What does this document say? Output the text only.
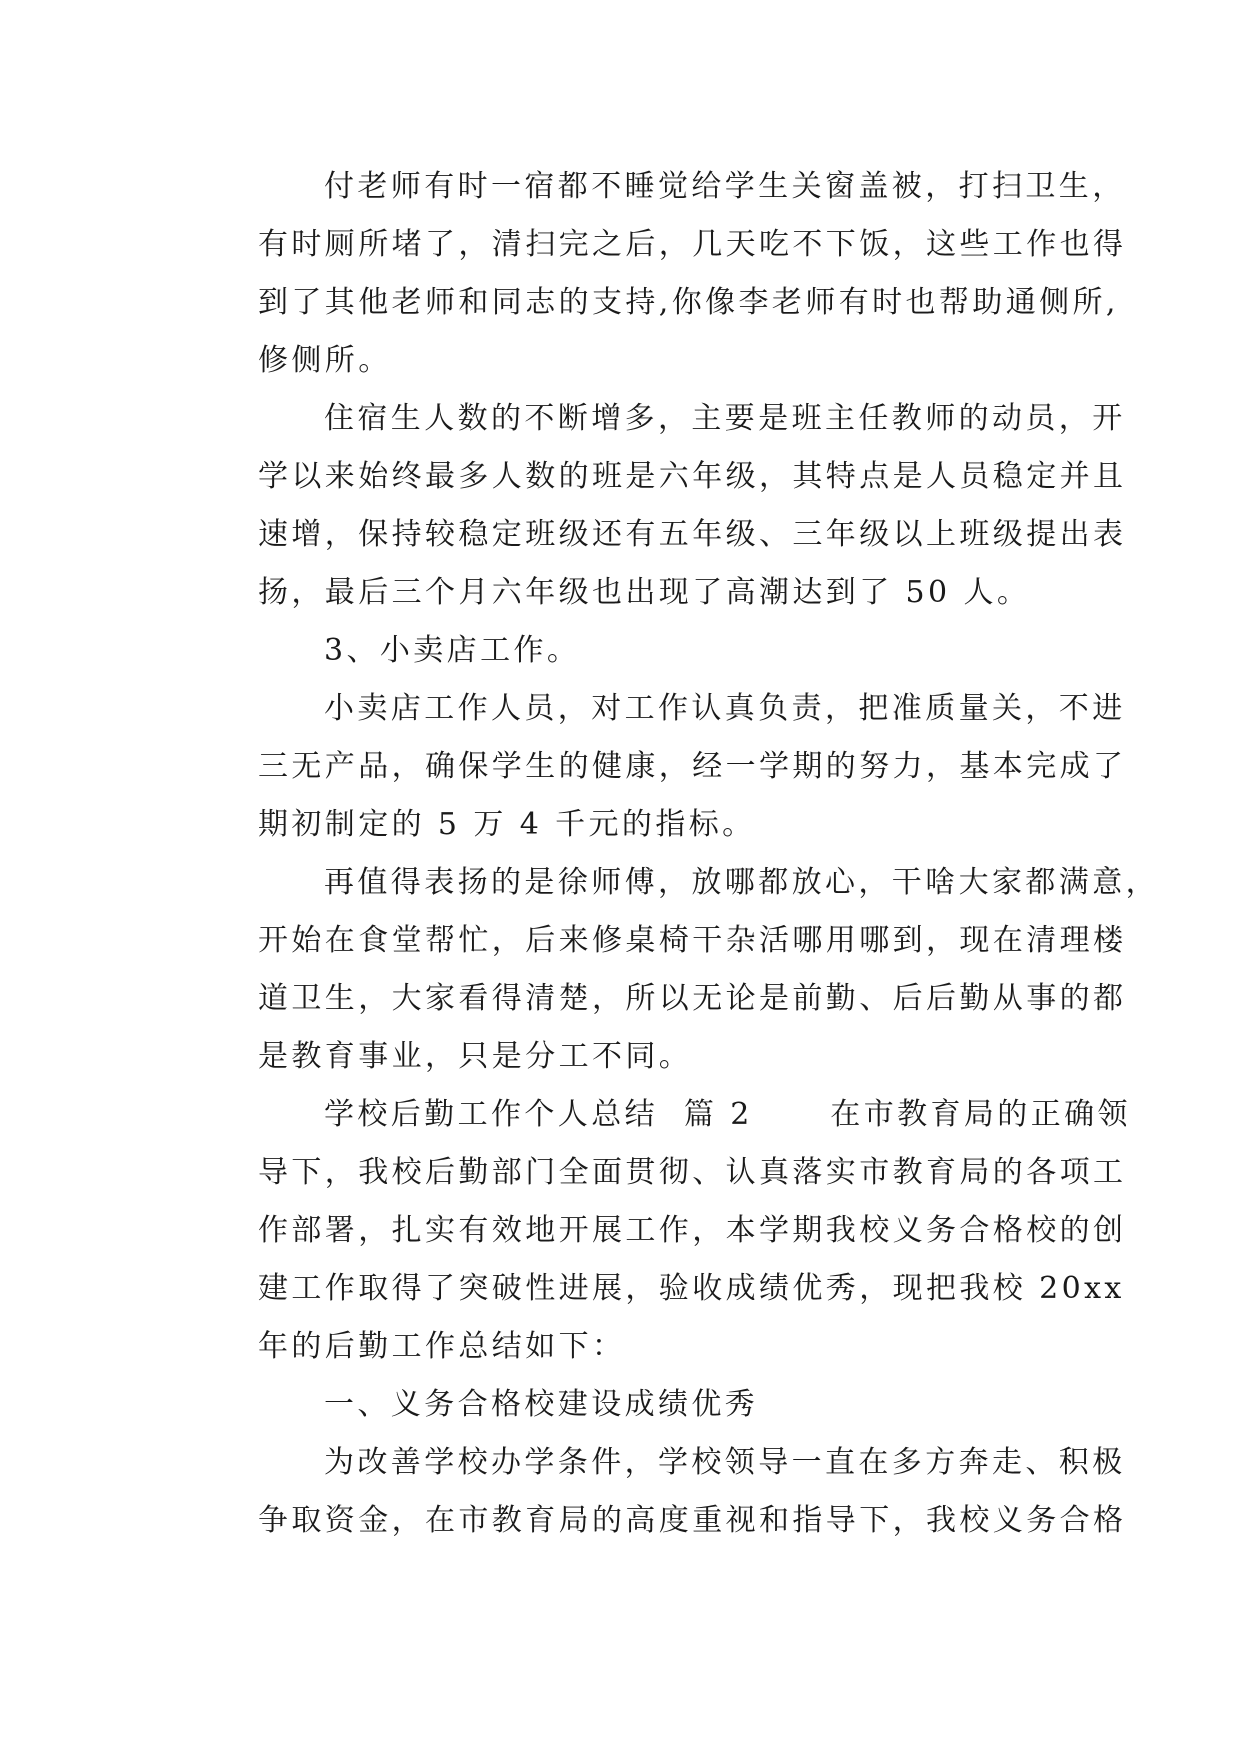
付老师有时一宿都不睡觉给学生关窗盖被，打扫卫生，
有时厕所堵了，清扫完之后，几天吃不下饭，这些工作也得
到了其他老师和同志的支持,你像李老师有时也帮助通侧所,
修侧所。
住宿生人数的不断增多，主要是班主任教师的动员，开
学以来始终最多人数的班是六年级，其特点是人员稳定并且
速增，保持较稳定班级还有五年级、三年级以上班级提出表
扬，最后三个月六年级也出现了高潮达到了 50 人。
3、小卖店工作。
小卖店工作人员，对工作认真负责，把准质量关，不进
三无产品，确保学生的健康，经一学期的努力，基本完成了
期初制定的 5 万 4 千元的指标。
再值得表扬的是徐师傅，放哪都放心，干啥大家都满意，
开始在食堂帮忙，后来修桌椅干杂活哪用哪到，现在清理楼
道卫生，大家看得清楚，所以无论是前勤、后后勤从事的都
是教育事业，只是分工不同。
学校后勤工作个人总结  篇 2      在市教育局的正确领
导下，我校后勤部门全面贯彻、认真落实市教育局的各项工
作部署，扎实有效地开展工作，本学期我校义务合格校的创
建工作取得了突破性进展，验收成绩优秀，现把我校 20xx
年的后勤工作总结如下：
一、义务合格校建设成绩优秀
为改善学校办学条件，学校领导一直在多方奔走、积极
争取资金，在市教育局的高度重视和指导下，我校义务合格
